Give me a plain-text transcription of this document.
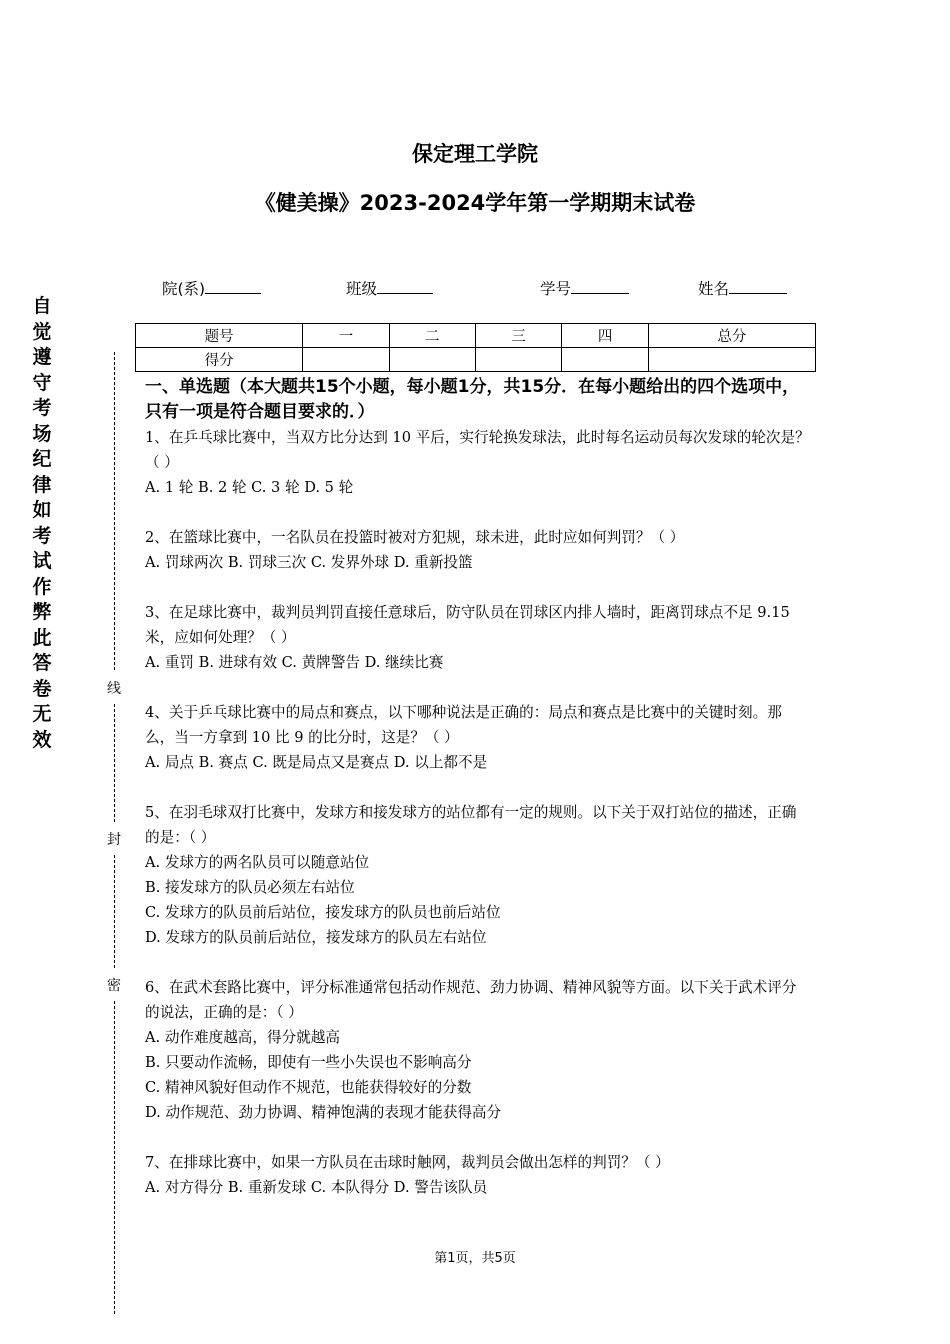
保定理工学院
《健美操》2023-2024学年第一学期期末试卷
院(系)	班级	学号	姓名
题号	一	二	三	四	总分
得分					
自觉遵守考场纪律如考试作弊此答卷无效
线
封
密
一、单选题（本大题共15个小题，每小题1分，共15分．在每小题给出的四个选项中，只有一项是符合题目要求的．）
1、在乒乓球比赛中，当双方比分达到 10 平后，实行轮换发球法，此时每名运动员每次发球的轮次是？（ ）
A. 1 轮 B. 2 轮 C. 3 轮 D. 5 轮
2、在篮球比赛中，一名队员在投篮时被对方犯规，球未进，此时应如何判罚？（ ）
A. 罚球两次 B. 罚球三次 C. 发界外球 D. 重新投篮
3、在足球比赛中，裁判员判罚直接任意球后，防守队员在罚球区内排人墙时，距离罚球点不足 9.15 米，应如何处理？（ ）
A. 重罚 B. 进球有效 C. 黄牌警告 D. 继续比赛
4、关于乒乓球比赛中的局点和赛点，以下哪种说法是正确的：局点和赛点是比赛中的关键时刻。那么，当一方拿到 10 比 9 的比分时，这是？（ ）
A. 局点 B. 赛点 C. 既是局点又是赛点 D. 以上都不是
5、在羽毛球双打比赛中，发球方和接发球方的站位都有一定的规则。以下关于双打站位的描述，正确的是：（ ）
A. 发球方的两名队员可以随意站位
B. 接发球方的队员必须左右站位
C. 发球方的队员前后站位，接发球方的队员也前后站位
D. 发球方的队员前后站位，接发球方的队员左右站位
6、在武术套路比赛中，评分标准通常包括动作规范、劲力协调、精神风貌等方面。以下关于武术评分的说法，正确的是：（ ）
A. 动作难度越高，得分就越高
B. 只要动作流畅，即使有一些小失误也不影响高分
C. 精神风貌好但动作不规范，也能获得较好的分数
D. 动作规范、劲力协调、精神饱满的表现才能获得高分
7、在排球比赛中，如果一方队员在击球时触网，裁判员会做出怎样的判罚？（ ）
A. 对方得分 B. 重新发球 C. 本队得分 D. 警告该队员
第1页，共5页
